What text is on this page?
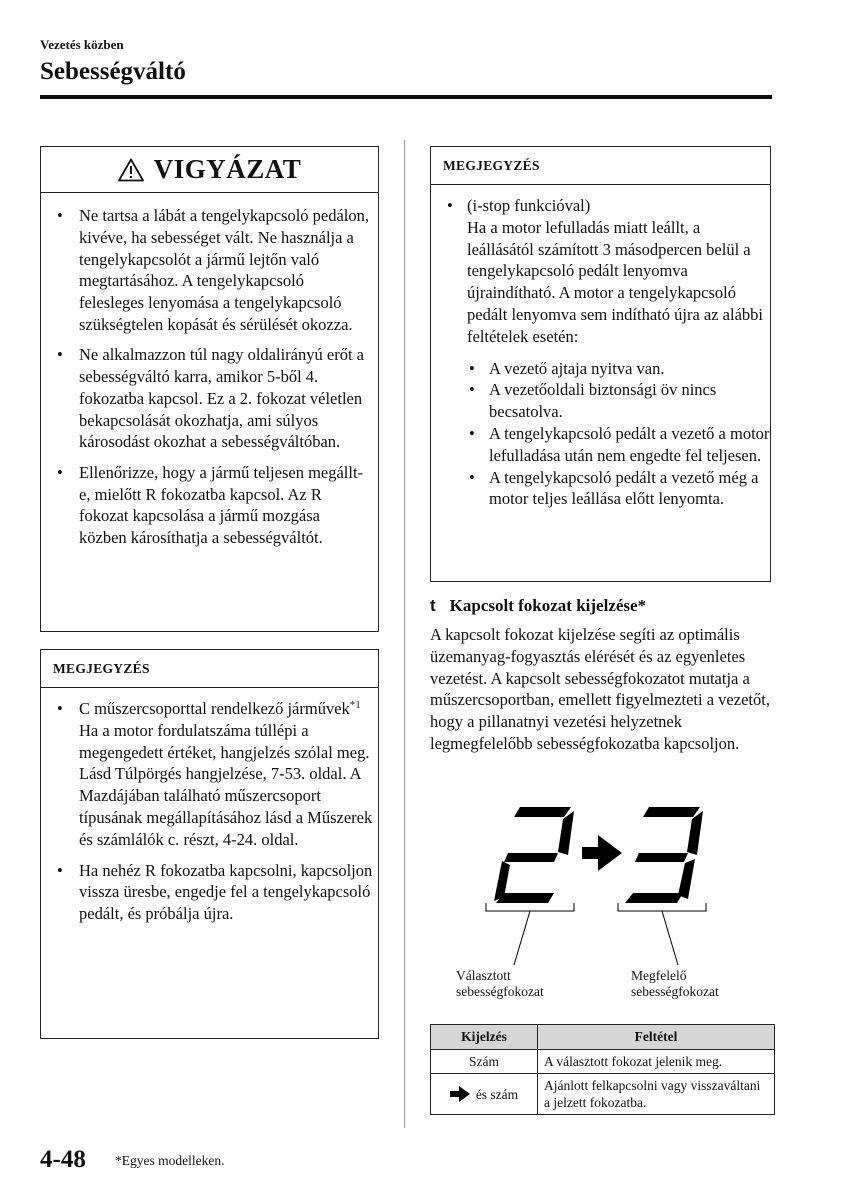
Vezetés közben
Sebességváltó
VIGYÁZAT
• Ne tartsa a lábát a tengelykapcsoló pedálon, kivéve, ha sebességet vált. Ne használja a tengelykapcsolót a jármű lejtőn való megtartásához. A tengelykapcsoló felesleges lenyomása a tengelykapcsoló szükségtelen kopását és sérülését okozza.
• Ne alkalmazzon túl nagy oldalirányú erőt a sebességváltó karra, amikor 5-ből 4. fokozatba kapcsol. Ez a 2. fokozat véletlen bekapcsolását okozhatja, ami súlyos károsodást okozhat a sebességváltóban.
• Ellenőrizze, hogy a jármű teljesen megállt-e, mielőtt R fokozatba kapcsol. Az R fokozat kapcsolása a jármű mozgása közben károsíthatja a sebességváltót.
MEGJEGYZÉS
• C műszercsoporttal rendelkező járművek$^{*1}$
Ha a motor fordulatszáma túllépi a megengedett értéket, hangjelzés szólal meg. Lásd Túlpörgés hangjelzése, 7-53. oldal. A Mazdájában található műszercsoport típusának megállapításához lásd a Műszerek és számlálók c. részt, 4-24. oldal.
• Ha nehéz R fokozatba kapcsolni, kapcsoljon vissza üresbe, engedje fel a tengelykapcsoló pedált, és próbálja újra.
MEGJEGYZÉS
• (i-stop funkcióval)
Ha a motor lefulladás miatt leállt, a leállásától számított 3 másodpercen belül a tengelykapcsoló pedált lenyomva újraindítható. A motor a tengelykapcsoló pedált lenyomva sem indítható újra az alábbi feltételek esetén:
• A vezető ajtaja nyitva van.
• A vezetőoldali biztonsági öv nincs becsatolva.
• A tengelykapcsoló pedált a vezető a motor lefulladása után nem engedte fel teljesen.
• A tengelykapcsoló pedált a vezető még a motor teljes leállása előtt lenyomta.
t Kapcsolt fokozat kijelzése*
A kapcsolt fokozat kijelzése segíti az optimális üzemanyag-fogyasztás elérését és az egyenletes vezetést. A kapcsolt sebességfokozatot mutatja a műszercsoportban, emellett figyelmezteti a vezetőt, hogy a pillanatnyi vezetési helyzetnek legmegfelelőbb sebességfokozatba kapcsoljon.
Választott
sebességfokozat
Megfelelő
sebességfokozat
Kijelzés	Feltétel
Szám	A választott fokozat jelenik meg.

és szám	Ajánlott felkapcsolni vagy visszaváltani a jelzett fokozatba.
4-48 *Egyes modelleken.
